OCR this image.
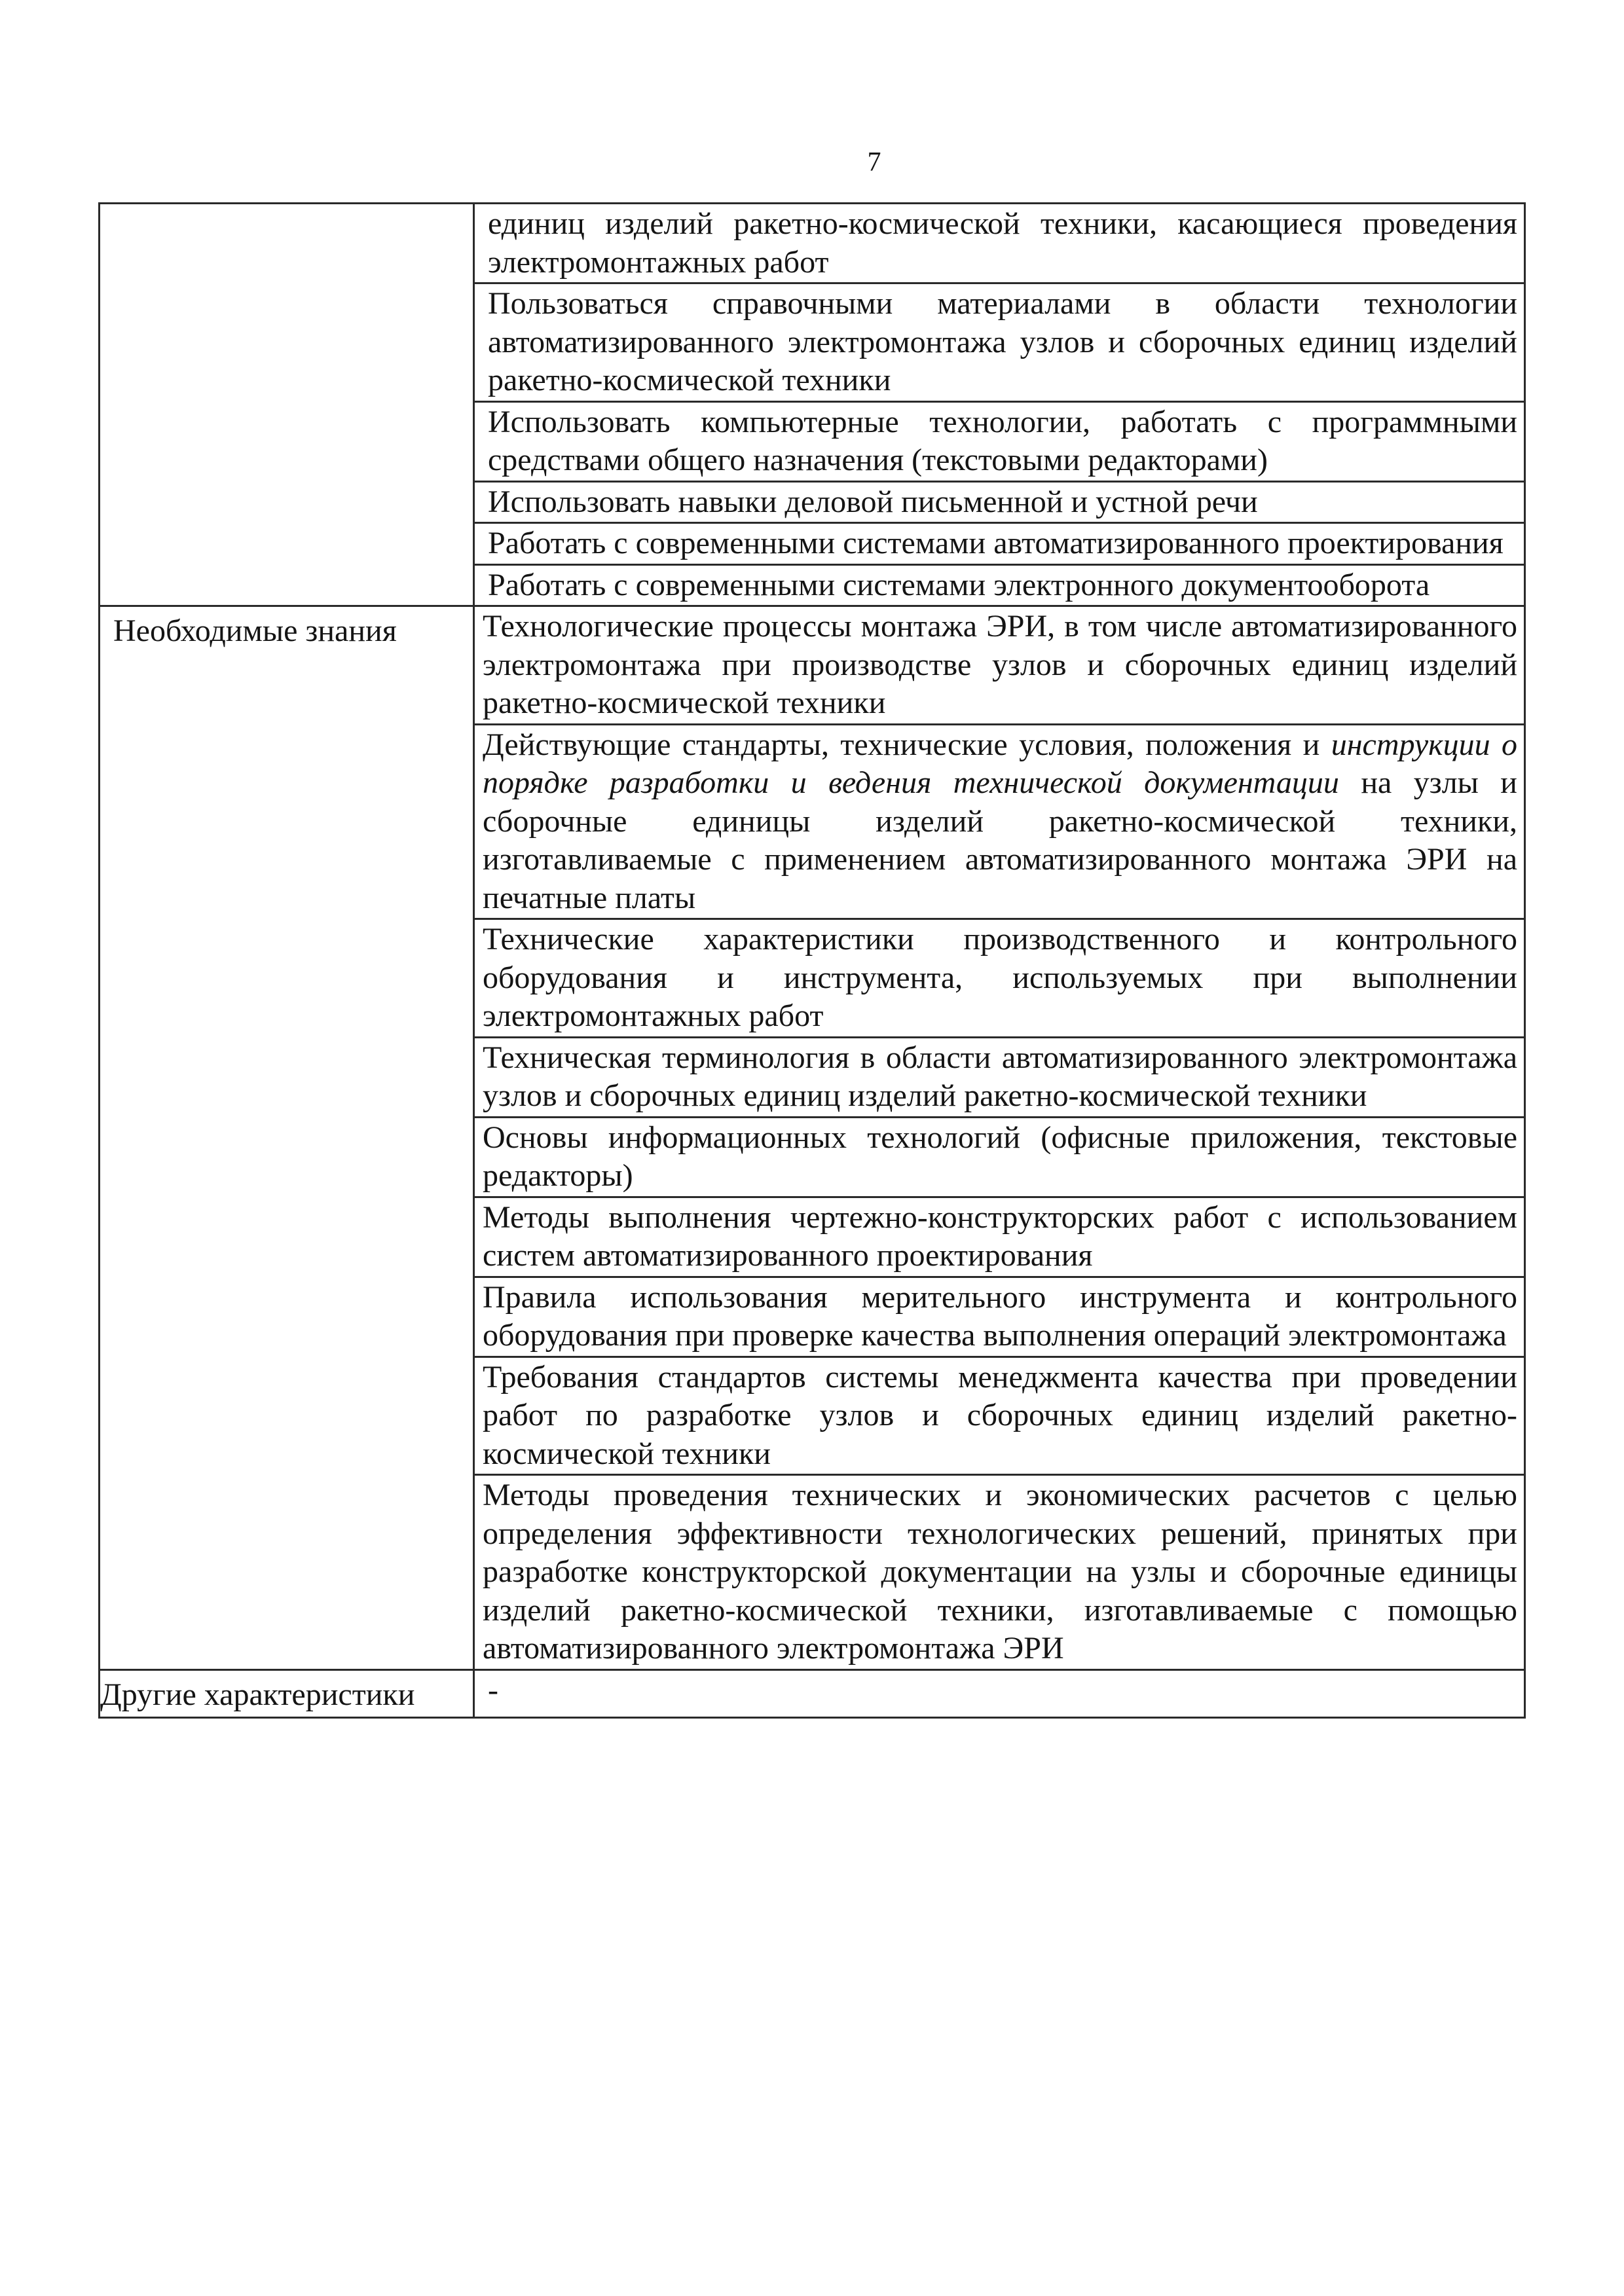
7
	единиц изделий ракетно-космической техники, касающиеся проведения электромонтажных работ
	Пользоваться справочными материалами в области технологии автоматизированного электромонтажа узлов и сборочных единиц изделий ракетно-космической техники
	Использовать компьютерные технологии, работать с программными средствами общего назначения (текстовыми редакторами)
	Использовать навыки деловой письменной и устной речи
	Работать с современными системами автоматизированного проектирования
	Работать с современными системами электронного документооборота
Необходимые знания	Технологические процессы монтажа ЭРИ, в том числе автоматизированного электромонтажа при производстве узлов и сборочных единиц изделий ракетно-космической техники
	Действующие стандарты, технические условия, положения и инструкции о порядке разработки и ведения технической документации на узлы и сборочные единицы изделий ракетно-космической техники, изготавливаемые с применением автоматизированного монтажа ЭРИ на печатные платы
	Технические характеристики производственного и контрольного оборудования и инструмента, используемых при выполнении электромонтажных работ
	Техническая терминология в области автоматизированного электромонтажа узлов и сборочных единиц изделий ракетно-космической техники
	Основы информационных технологий (офисные приложения, текстовые редакторы)
	Методы выполнения чертежно-конструкторских работ с использованием систем автоматизированного проектирования
	Правила использования мерительного инструмента и контрольного оборудования при проверке качества выполнения операций электромонтажа
	Требования стандартов системы менеджмента качества при проведении работ по разработке узлов и сборочных единиц изделий ракетно-космической техники
	Методы проведения технических и экономических расчетов с целью определения эффективности технологических решений, принятых при разработке конструкторской документации на узлы и сборочные единицы изделий ракетно-космической техники, изготавливаемые с помощью автоматизированного электромонтажа ЭРИ
Другие характеристики	-
